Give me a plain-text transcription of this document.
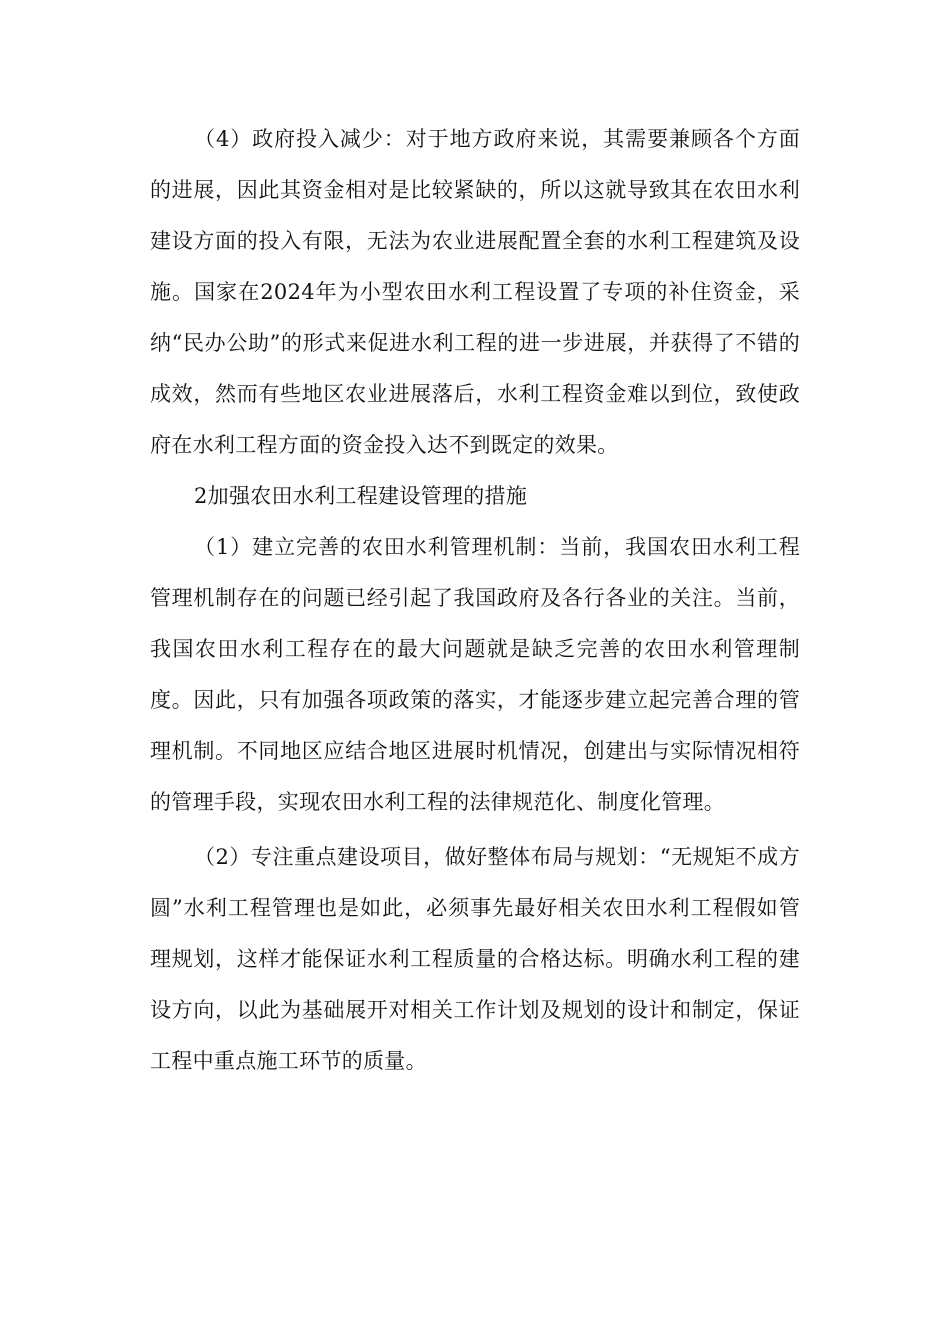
（4）政府投入减少：对于地方政府来说，其需要兼顾各个方面的进展，因此其资金相对是比较紧缺的，所以这就导致其在农田水利建设方面的投入有限，无法为农业进展配置全套的水利工程建筑及设施。国家在2024年为小型农田水利工程设置了专项的补住资金，采纳“民办公助”的形式来促进水利工程的进一步进展，并获得了不错的成效，然而有些地区农业进展落后，水利工程资金难以到位，致使政府在水利工程方面的资金投入达不到既定的效果。

2加强农田水利工程建设管理的措施

（1）建立完善的农田水利管理机制：当前，我国农田水利工程管理机制存在的问题已经引起了我国政府及各行各业的关注。当前，我国农田水利工程存在的最大问题就是缺乏完善的农田水利管理制度。因此，只有加强各项政策的落实，才能逐步建立起完善合理的管理机制。不同地区应结合地区进展时机情况，创建出与实际情况相符的管理手段，实现农田水利工程的法律规范化、制度化管理。

（2）专注重点建设项目，做好整体布局与规划：“无规矩不成方圆”水利工程管理也是如此，必须事先最好相关农田水利工程假如管理规划，这样才能保证水利工程质量的合格达标。明确水利工程的建设方向，以此为基础展开对相关工作计划及规划的设计和制定，保证工程中重点施工环节的质量。
